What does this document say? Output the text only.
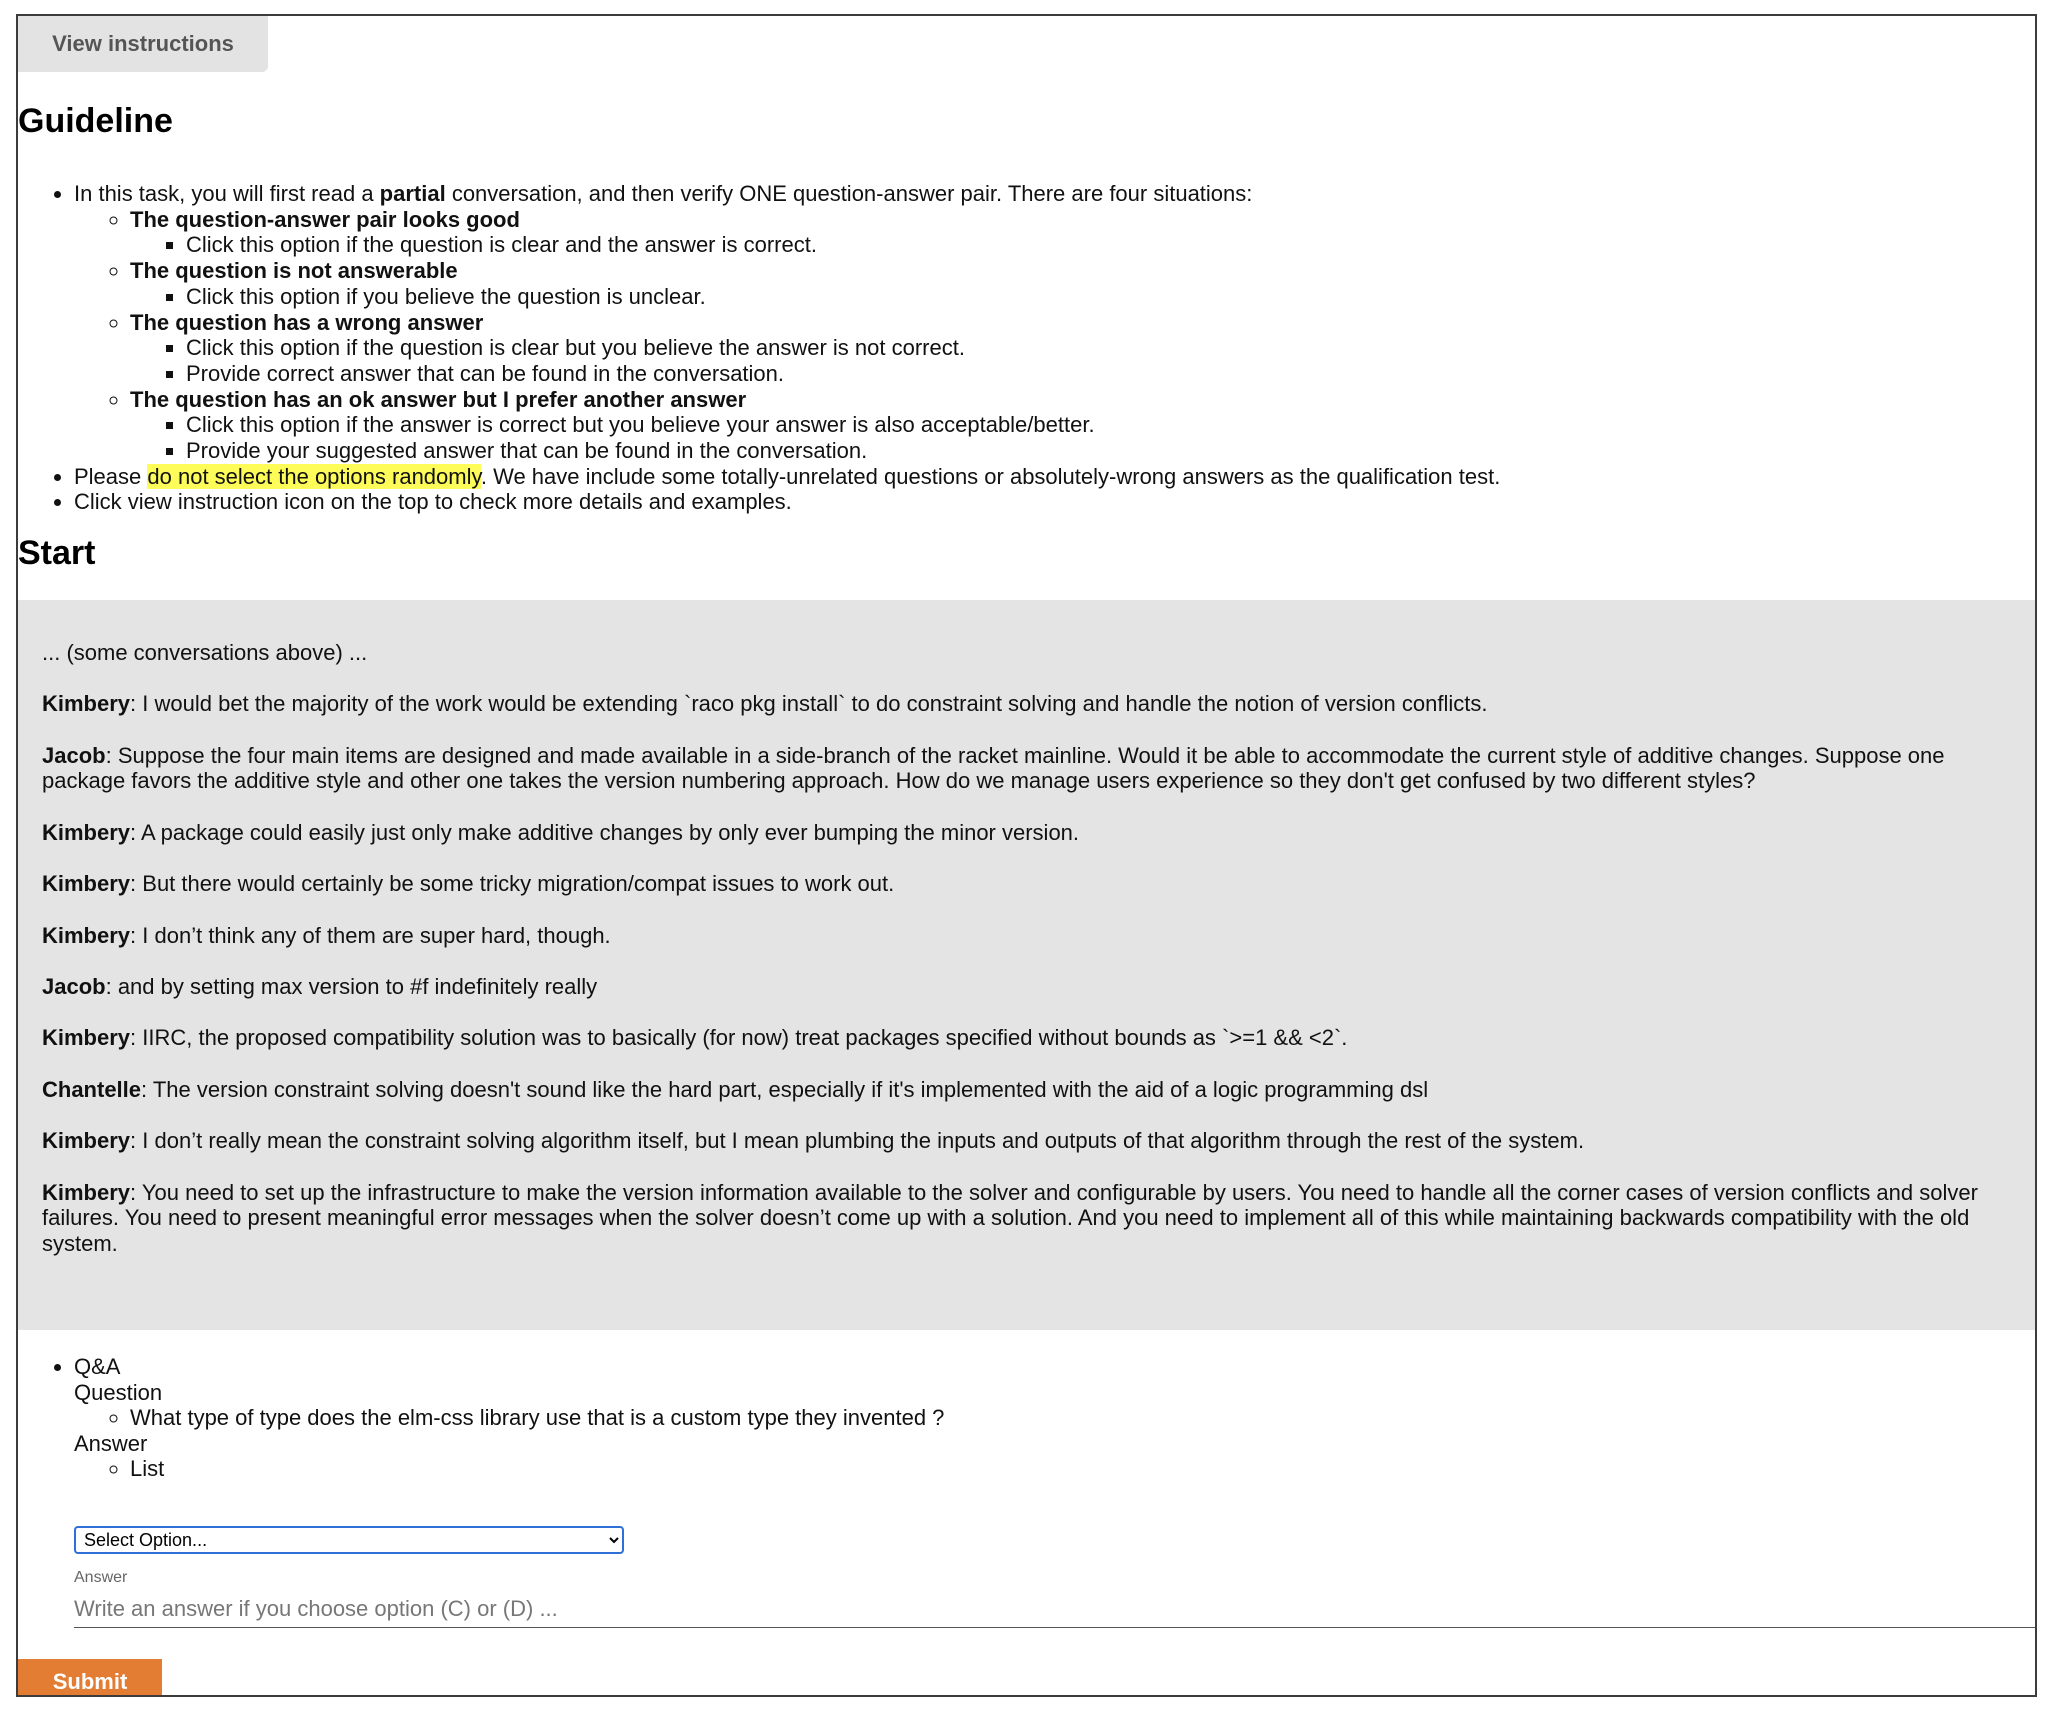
View instructions
Guideline
• In this task, you will first read a partial conversation, and then verify ONE question-answer pair. There are four situations:
◦ The question-answer pair looks good
▪ Click this option if the question is clear and the answer is correct.
◦ The question is not answerable
▪ Click this option if you believe the question is unclear.
◦ The question has a wrong answer
▪ Click this option if the question is clear but you believe the answer is not correct.
▪ Provide correct answer that can be found in the conversation.
◦ The question has an ok answer but I prefer another answer
▪ Click this option if the answer is correct but you believe your answer is also acceptable/better.
▪ Provide your suggested answer that can be found in the conversation.
• Please do not select the options randomly. We have include some totally-unrelated questions or absolutely-wrong answers as the qualification test.
• Click view instruction icon on the top to check more details and examples.
Start

... (some conversations above) ...

Kimbery: I would bet the majority of the work would be extending `raco pkg install` to do constraint solving and handle the notion of version conflicts.

Jacob: Suppose the four main items are designed and made available in a side-branch of the racket mainline. Would it be able to accommodate the current style of additive changes. Suppose one package favors the additive style and other one takes the version numbering approach. How do we manage users experience so they don't get confused by two different styles?

Kimbery: A package could easily just only make additive changes by only ever bumping the minor version.

Kimbery: But there would certainly be some tricky migration/compat issues to work out.

Kimbery: I don’t think any of them are super hard, though.

Jacob: and by setting max version to #f indefinitely really

Kimbery: IIRC, the proposed compatibility solution was to basically (for now) treat packages specified without bounds as `>=1 && <2`.

Chantelle: The version constraint solving doesn't sound like the hard part, especially if it's implemented with the aid of a logic programming dsl

Kimbery: I don’t really mean the constraint solving algorithm itself, but I mean plumbing the inputs and outputs of that algorithm through the rest of the system.

Kimbery: You need to set up the infrastructure to make the version information available to the solver and configurable by users. You need to handle all the corner cases of version conflicts and solver failures. You need to present meaningful error messages when the solver doesn’t come up with a solution. And you need to implement all of this while maintaining backwards compatibility with the old system.

• Q&A
Question
◦ What type of type does the elm-css library use that is a custom type they invented ?
Answer
◦ List
Select Option...
Answer
Write an answer if you choose option (C) or (D) ...
Submit
